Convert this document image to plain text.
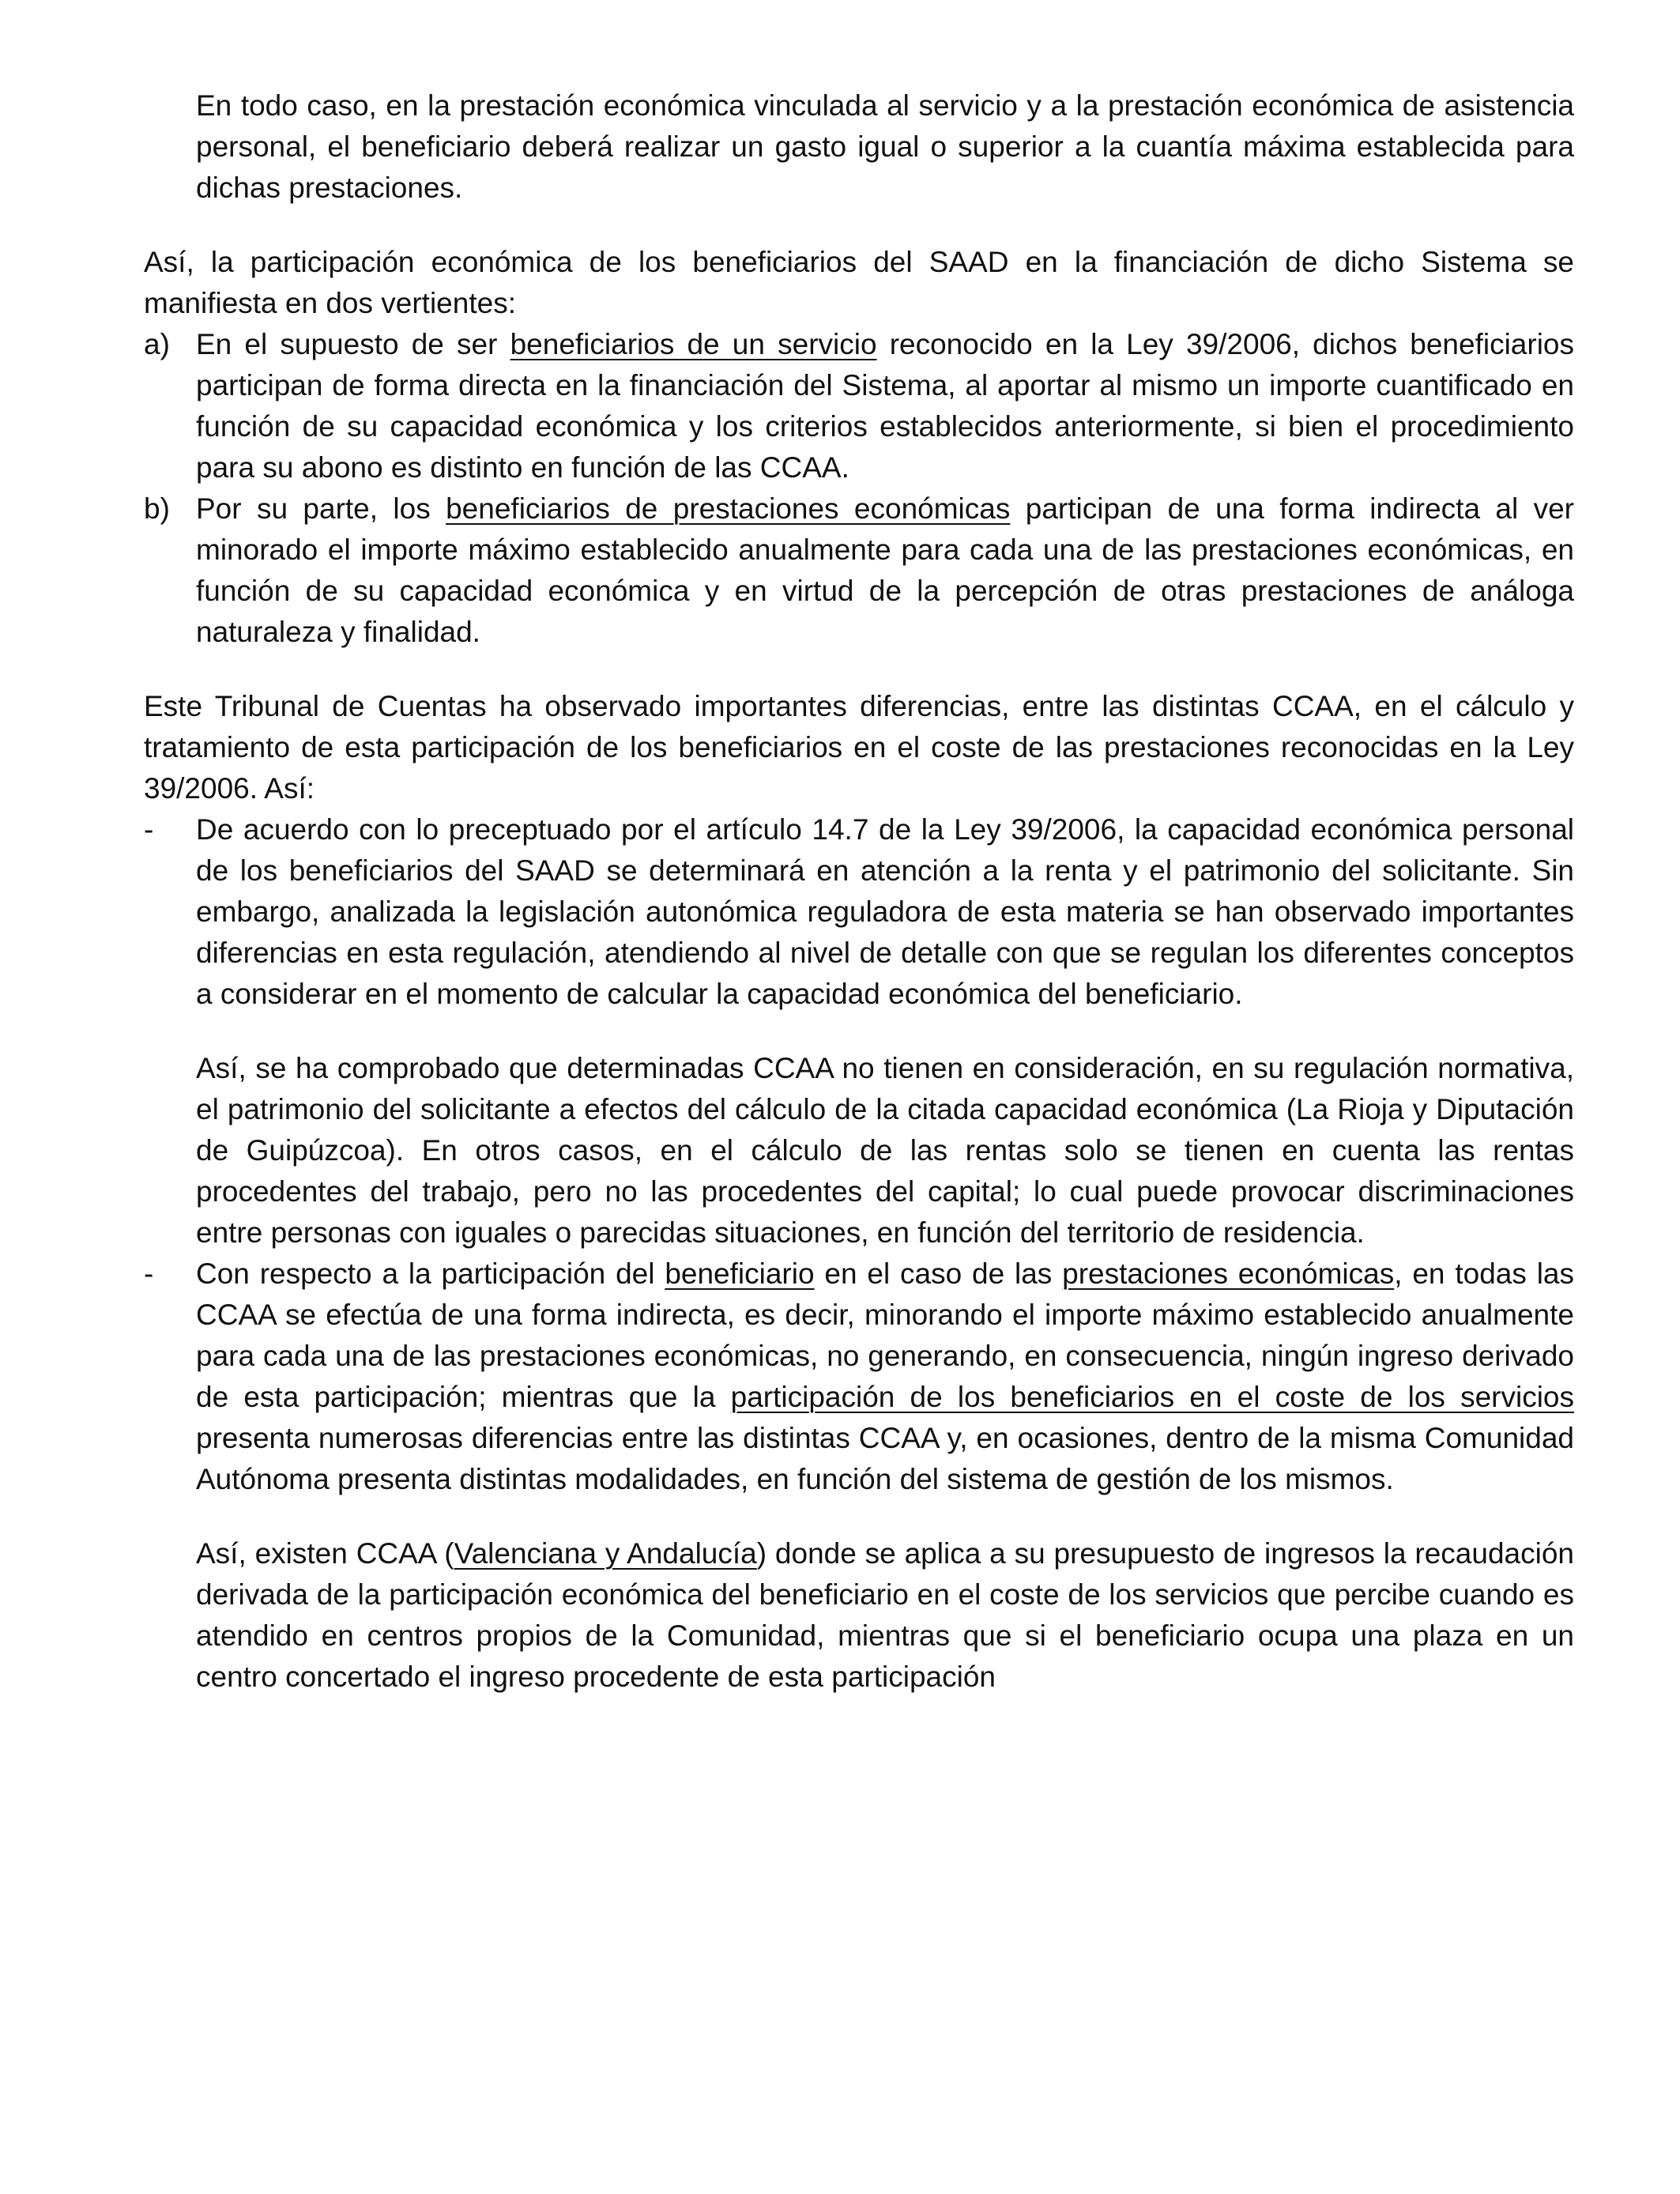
En todo caso, en la prestación económica vinculada al servicio y a la prestación económica de asistencia personal, el beneficiario deberá realizar un gasto igual o superior a la cuantía máxima establecida para dichas prestaciones.

Así, la participación económica de los beneficiarios del SAAD en la financiación de dicho Sistema se manifiesta en dos vertientes:

a) En el supuesto de ser beneficiarios de un servicio reconocido en la Ley 39/2006, dichos beneficiarios participan de forma directa en la financiación del Sistema, al aportar al mismo un importe cuantificado en función de su capacidad económica y los criterios establecidos anteriormente, si bien el procedimiento para su abono es distinto en función de las CCAA.

b) Por su parte, los beneficiarios de prestaciones económicas participan de una forma indirecta al ver minorado el importe máximo establecido anualmente para cada una de las prestaciones económicas, en función de su capacidad económica y en virtud de la percepción de otras prestaciones de análoga naturaleza y finalidad.

Este Tribunal de Cuentas ha observado importantes diferencias, entre las distintas CCAA, en el cálculo y tratamiento de esta participación de los beneficiarios en el coste de las prestaciones reconocidas en la Ley 39/2006. Así:

- De acuerdo con lo preceptuado por el artículo 14.7 de la Ley 39/2006, la capacidad económica personal de los beneficiarios del SAAD se determinará en atención a la renta y el patrimonio del solicitante. Sin embargo, analizada la legislación autonómica reguladora de esta materia se han observado importantes diferencias en esta regulación, atendiendo al nivel de detalle con que se regulan los diferentes conceptos a considerar en el momento de calcular la capacidad económica del beneficiario.

Así, se ha comprobado que determinadas CCAA no tienen en consideración, en su regulación normativa, el patrimonio del solicitante a efectos del cálculo de la citada capacidad económica (La Rioja y Diputación de Guipúzcoa). En otros casos, en el cálculo de las rentas solo se tienen en cuenta las rentas procedentes del trabajo, pero no las procedentes del capital; lo cual puede provocar discriminaciones entre personas con iguales o parecidas situaciones, en función del territorio de residencia.

- Con respecto a la participación del beneficiario en el caso de las prestaciones económicas, en todas las CCAA se efectúa de una forma indirecta, es decir, minorando el importe máximo establecido anualmente para cada una de las prestaciones económicas, no generando, en consecuencia, ningún ingreso derivado de esta participación; mientras que la participación de los beneficiarios en el coste de los servicios presenta numerosas diferencias entre las distintas CCAA y, en ocasiones, dentro de la misma Comunidad Autónoma presenta distintas modalidades, en función del sistema de gestión de los mismos.

Así, existen CCAA (Valenciana y Andalucía) donde se aplica a su presupuesto de ingresos la recaudación derivada de la participación económica del beneficiario en el coste de los servicios que percibe cuando es atendido en centros propios de la Comunidad, mientras que si el beneficiario ocupa una plaza en un centro concertado el ingreso procedente de esta participación
